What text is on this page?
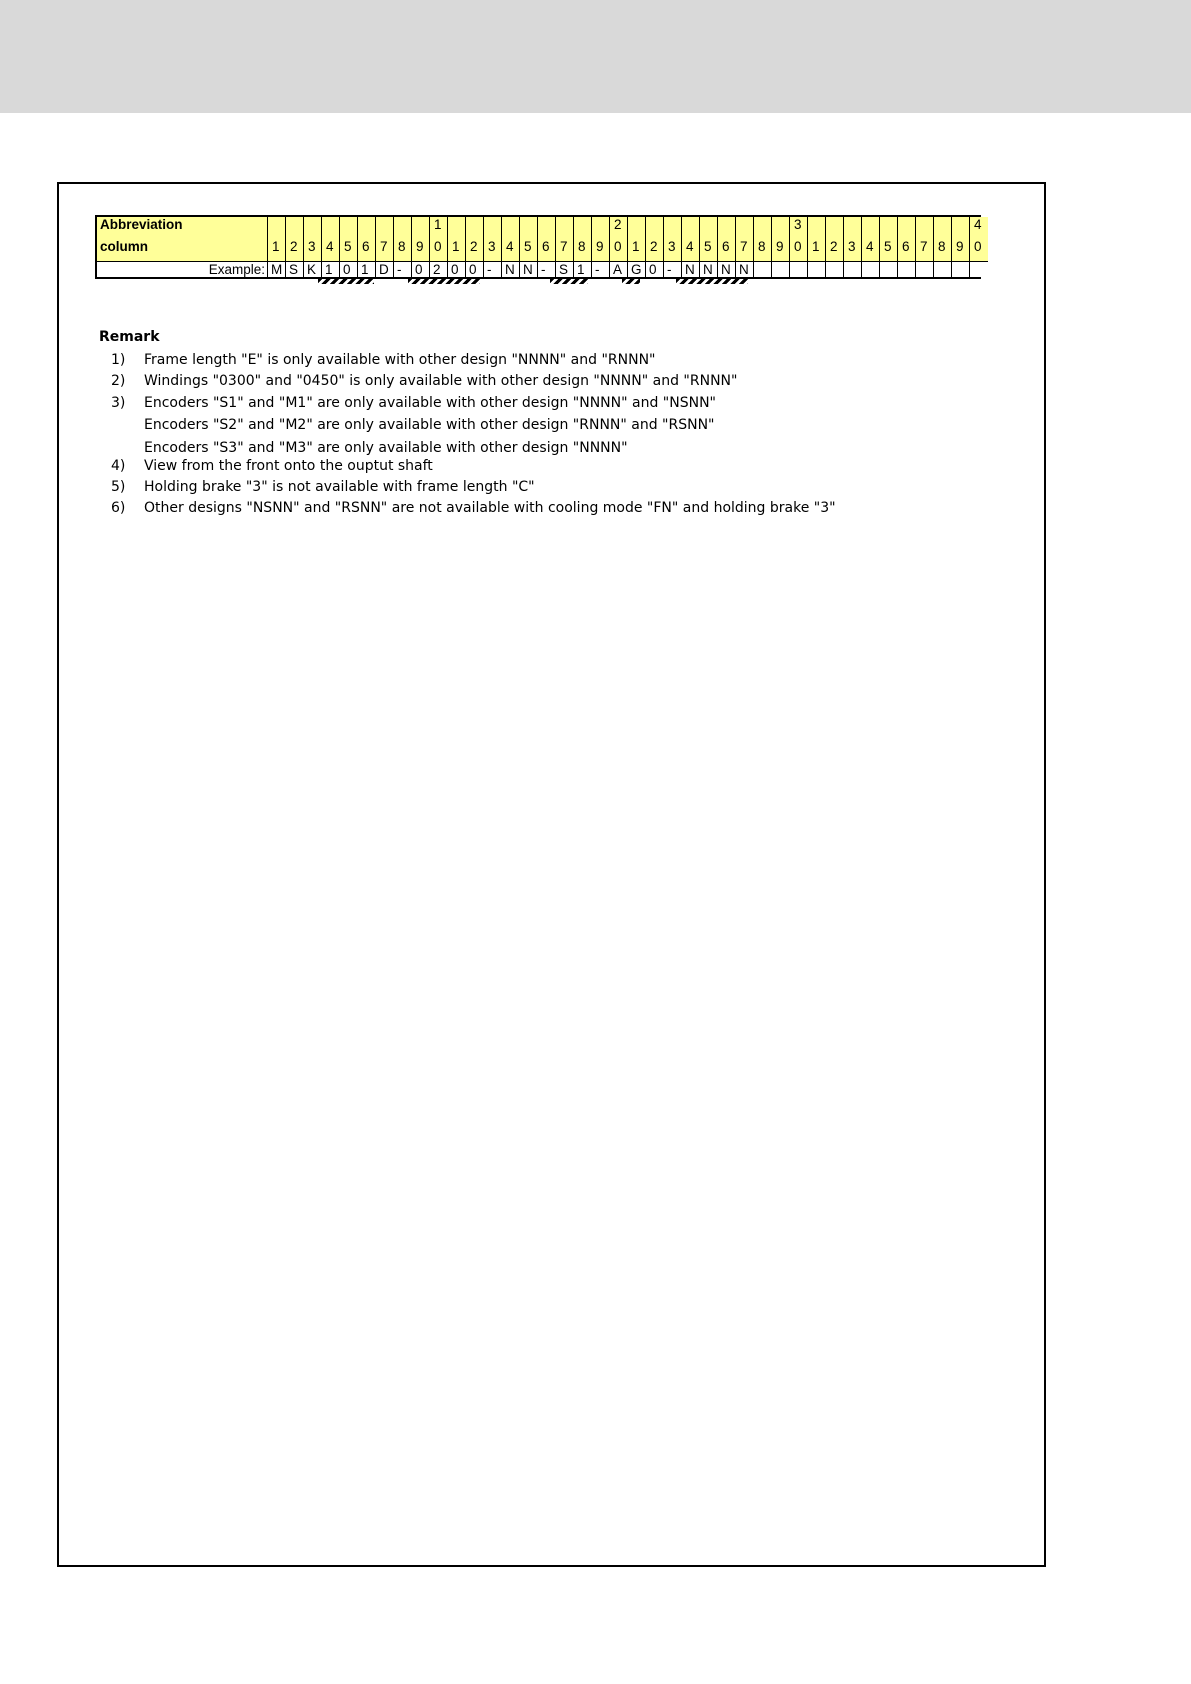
Abbreviation
column
Example:
1
M
2
S
3
K
4
1
5
0
6
1
7
D
8
-
9
0
1
0
2
1
0
2
0
3
-
4
N
5
N
6
-
7
S
8
1
9
-
2
0
A
1
G
2
0
3
-
4
N
5
N
6
N
7
N
8 9
3
0 1 2 3 4 5 6 7 8 9
4
0
Remark
1) Frame length "E" is only available with other design "NNNN" and "RNNN"
2) Windings "0300" and "0450" is only available with other design "NNNN" and "RNNN"
3) Encoders "S1" and "M1" are only available with other design "NNNN" and "NSNN"
Encoders "S2" and "M2" are only available with other design "RNNN" and "RSNN"
Encoders "S3" and "M3" are only available with other design "NNNN"
4) View from the front onto the ouptut shaft
5) Holding brake "3" is not available with frame length "C"
6) Other designs "NSNN" and "RSNN" are not available with cooling mode "FN" and holding brake "3"
